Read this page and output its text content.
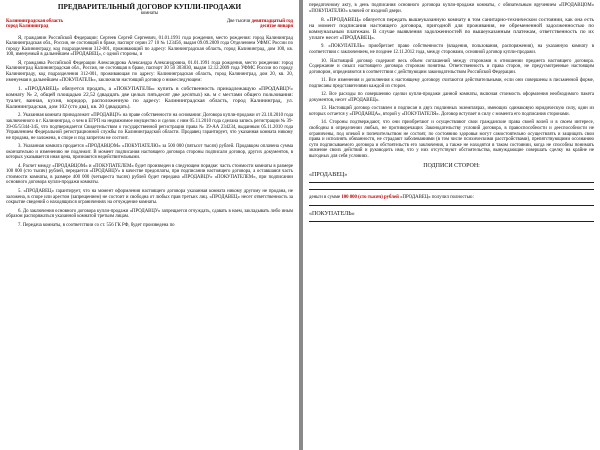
ПРЕДВАРИТЕЛЬНЫЙ ДОГОВОР КУПЛИ-ПРОДАЖИ
комнаты
Калининградская область
город Калининград
Две тысячи девятнадцатый год
десятое января

Я, гражданин Российской Федерации: Сергеев Сергей Сергеевич, 01.01.1991 года рождения, место рождения: город Калининград Калининградская обл., Россия, не состоящий в браке, паспорт серии 27 10 № 123456, выдан 09.09.2009 года Отделением УФМС России по городу Калининграду, код подразделения 312-001, проживающий по адресу: Калининградская область, город Калининград, дом 100, кв. 100, именуемый в дальнейшем «ПРОДАВЕЦ», с одной стороны, и

Я, гражданка Российской Федерации Александрова Александра Александровна, 01.01.1991 года рождения, место рождения: город Калининград Калининградская обл., Россия, не состоящая в браке, паспорт 30 50 303030, выдан 12.12.2009 года УФМС России по городу Калининграду, код подразделения 312-001, проживающая по адресу: Калининградская область, город Калининград, дом 20, кв. 20, именуемая в дальнейшем «ПОКУПАТЕЛЬ», заключили настоящий договор о нижеследующем:

1. «ПРОДАВЕЦ» обязуется продать, а «ПОКУПАТЕЛЬ» купить в собственность принадлежащую «ПРОДАВЦУ» комнату № 2, общей площадью 22,52 (двадцать две целых пятьдесят две десятых) кв. м с местами общего пользования: туалет, ванная, кухня, коридор, расположенную по адресу: Калининградская область, город Калининград, ул. Калининградская, дом 102 (сто два), кв. 20 (двадцать).

2. Указанная комната принадлежит «ПРОДАВЦУ» на праве собственности на основании: Договора купли-продажи от 23.10.2010 года заключенного в г. Калининград, о чем в ЕГРП на недвижимое имущество и сделок с ним 05.11.2010 года сделана запись регистрации № 39-39-05/5/344-345, что подтверждается Свидетельством о государственной регистрации права № 39-АА 234234, выданным 05.11.2010 года Управлением Федеральной регистрационной службы по Калининградской области. Продавец гарантирует, что указанная комната никому не продана, не заложена, в споре и под запретом не состоит.

3. Указанная комната продается «ПРОДАВЦОМ» «ПОКУПАТЕЛЮ» за 500 000 (пятьсот тысяч) рублей. Продавцом оплачена сумма окончательно и изменению не подлежит. В момент подписания настоящего договора стороны подписали договор, других документов, в которых указывается иная цена, признаются недействительными.

4. Расчет между «ПРОДАВЦОМ» и «ПОКУПАТЕЛЕМ» будет произведен в следующем порядке: часть стоимости комнаты в размере 100 000 (сто тысяч) рублей, передается «ПРОДАВЦУ» в качестве предоплаты, при подписании настоящего договора, а оставшаяся часть стоимости комнаты, в размере 400 000 (четыреста тысяч) рублей будет передана «ПРОДАВЦУ» «ПОКУПАТЕЛЕМ», при подписании основного договора купли-продажи комнаты.

5. «ПРОДАВЕЦ» гарантирует, что на момент оформления настоящего договора указанная комната никому другому не продана, не заложена, в споре или арестом (запрещением) не состоит и свободна от любых прав третьих лиц. «ПРОДАВЕЦ» несет ответственность за сокрытие сведений о находящихся ограничениях на отчуждение комнаты.

6. До заключения основного договора купли-продажи «ПРОДАВЦУ» запрещается отчуждать, сдавать в наем, закладывать либо иным образом распоряжаться указанной комнатой третьим лицам.

7. Передача комнаты, в соответствии со ст. 556 ГК РФ, будет произведена по

передаточному акту, в день подписания основного договора купли-продажи комнаты, с обязательным вручением «ПРОДАВЦОМ» «ПОКУПАТЕЛЮ» ключей от входной двери.

8. «ПРОДАВЕЦ» обязуется передать вышеуказанную комнату в том санитарно-техническом состоянии, как она есть на момент подписания настоящего договора, пригодной для проживания, не обремененной задолженностью по коммунальным платежам. В случае выявления задолженностей по вышеуказанным платежам, ответственность по их уплате несет «ПРОДАВЕЦ».

9. «ПОКУПАТЕЛЬ» приобретает право собственности (владения, пользования, распоряжения), на указанную комнату в соответствии с заключением, не позднее 12.11.2012 года, между сторонами, основной договор купли-продажи.

10. Настоящий договор содержит весь объем соглашений между сторонами в отношении предмета настоящего договора. Содержание и смысл настоящего договора сторонам понятны. Ответственность и права сторон, не предусмотренные настоящим договором, определяются в соответствии с действующим законодательством Российской Федерации.

11. Все изменения и дополнения к настоящему договору считаются действительными, если они совершены в письменной форме, подписаны представителями каждой из сторон.

12. Все расходы по совершению сделки купли-продажи данной комнаты, включая стоимость оформления необходимого пакета документов, несет «ПРОДАВЕЦ».

13. Настоящий договор составлен и подписан в двух подлинных экземплярах, имеющих одинаковую юридическую силу, один из которых остается у «ПРОДАВЦА», второй у «ПОКУПАТЕЛЯ». Договор вступает в силу с момента его подписания сторонами.

14. Стороны подтверждают, что они приобретают и осуществляют свои гражданские права своей волей и в своем интересе, свободны в определении любых, не противоречащих Законодательству условий договора, в правоспособности и дееспособности не ограничены, под опекой и попечительством не состоят, по состоянию здоровья могут самостоятельно осуществлять и защищать свои права и исполнять обязанности, не страдают заболеваниями (в том числе психическими расстройствами), препятствующими осознанию сути подписываемого договора и обстоятельств его заключения, а также не находятся в таком состоянии, когда не способны понимать значение своих действий и руководить ими, что у них отсутствуют обстоятельства, вынуждающие совершать сделку на крайне не выгодных для себя условиях.

ПОДПИСИ СТОРОН:
«ПРОДАВЕЦ»
деньги в сумме 100 000 (сто тысяч) рублей «ПРОДАВЕЦ» получил полностью:
«ПОКУПАТЕЛЬ»
